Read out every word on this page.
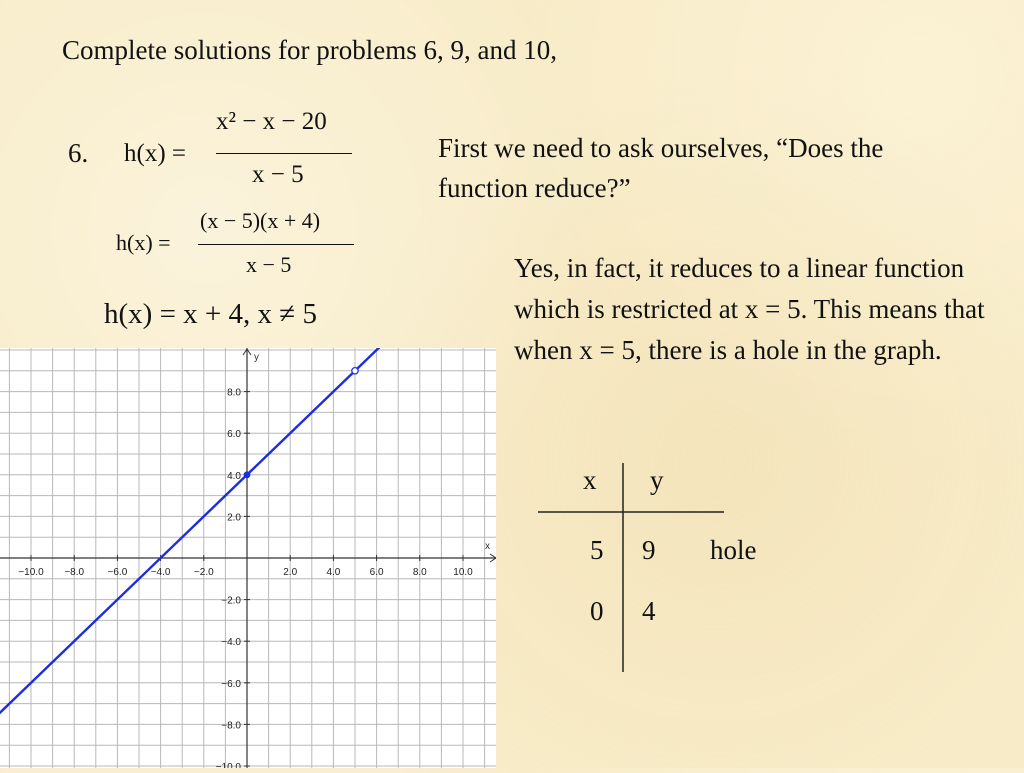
Complete solutions for problems 6, 9, and 10,
6. h(x) =
x² − x − 20
x − 5
h(x) =
(x − 5)(x + 4)
x − 5
h(x) = x + 4, x ≠ 5
First we need to ask ourselves, “Does the function reduce?”
Yes, in fact, it reduces to a linear function which is restricted at x = 5. This means that when x = 5, there is a hole in the graph.
x
y
−10.0 −8.0 −6.0 −4.0 −2.0	2.0	4.0	6.0	8.0	10.0
8.0
6.0
4.0
2.0
−2.0
−4.0
−6.0
−8.0
−10.0
x y
5 9 hole
0 4
